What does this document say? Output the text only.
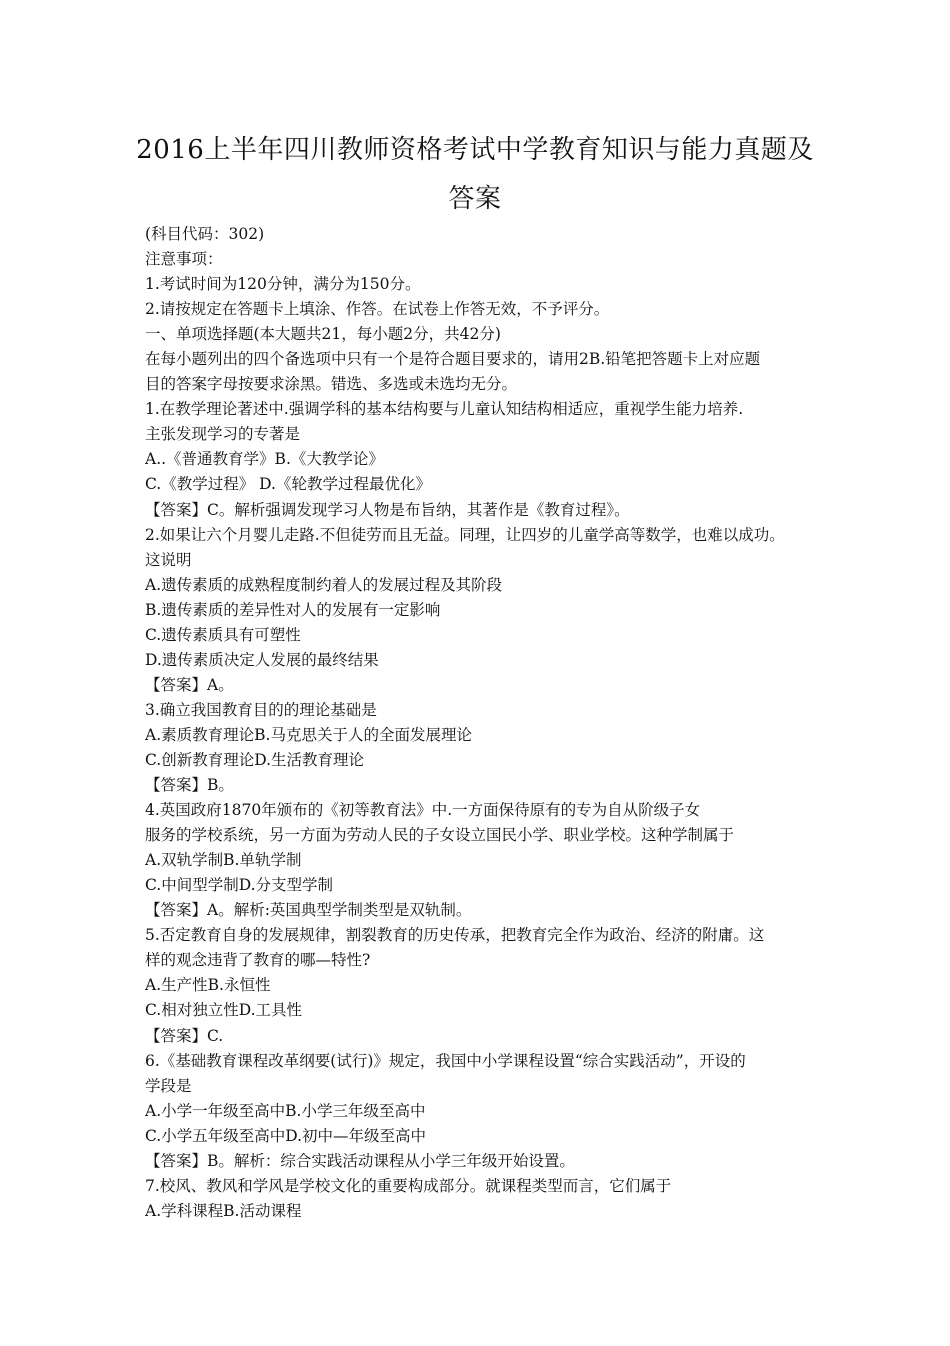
2016上半年四川教师资格考试中学教育知识与能力真题及
答案
(科目代码：302)
注意事项：
1.考试时间为120分钟，满分为150分。
2.请按规定在答题卡上填涂、作答。在试卷上作答无效，不予评分。
一、单项选择题(本大题共21，每小题2分，共42分)
在每小题列出的四个备选项中只有一个是符合题目要求的，请用2B.铅笔把答题卡上对应题
目的答案字母按要求涂黑。错选、多选或未选均无分。
1.在教学理论著述中.强调学科的基本结构要与儿童认知结构相适应，重视学生能力培养.
主张发现学习的专著是
A..《普通教育学》B.《大教学论》
C.《教学过程》 D.《轮教学过程最优化》
【答案】C。解析强调发现学习人物是布旨纳，其著作是《教育过程》。
2.如果让六个月婴儿走路.不但徒劳而且无益。同理，让四岁的儿童学高等数学，也难以成功。
这说明
A.遗传素质的成熟程度制约着人的发展过程及其阶段
B.遗传素质的差异性对人的发展有一定影响
C.遗传素质具有可塑性
D.遗传素质决定人发展的最终结果
【答案】A。
3.确立我国教育目的的理论基础是
A.素质教育理论B.马克思关于人的全面发展理论
C.创新教育理论D.生活教育理论
【答案】B。
4.英国政府1870年颁布的《初等教育法》中.一方面保待原有的专为自从阶级子女
服务的学校系统，另一方面为劳动人民的子女设立国民小学、职业学校。这种学制属于
A.双轨学制B.单轨学制
C.中间型学制D.分支型学制
【答案】A。解析:英国典型学制类型是双轨制。
5.否定教育自身的发展规律，割裂教育的历史传承，把教育完全作为政治、经济的附庸。这
样的观念违背了教育的哪—特性?
A.生产性B.永恒性
C.相对独立性D.工具性
【答案】C.
6.《基础教育课程改革纲要(试行)》规定，我国中小学课程设置“综合实践活动”，开设的
学段是
A.小学一年级至高中B.小学三年级至高中
C.小学五年级至高中D.初中—年级至高中
【答案】B。解析：综合实践活动课程从小学三年级开始设置。
7.校风、教风和学风是学校文化的重要构成部分。就课程类型而言，它们属于
A.学科课程B.活动课程
